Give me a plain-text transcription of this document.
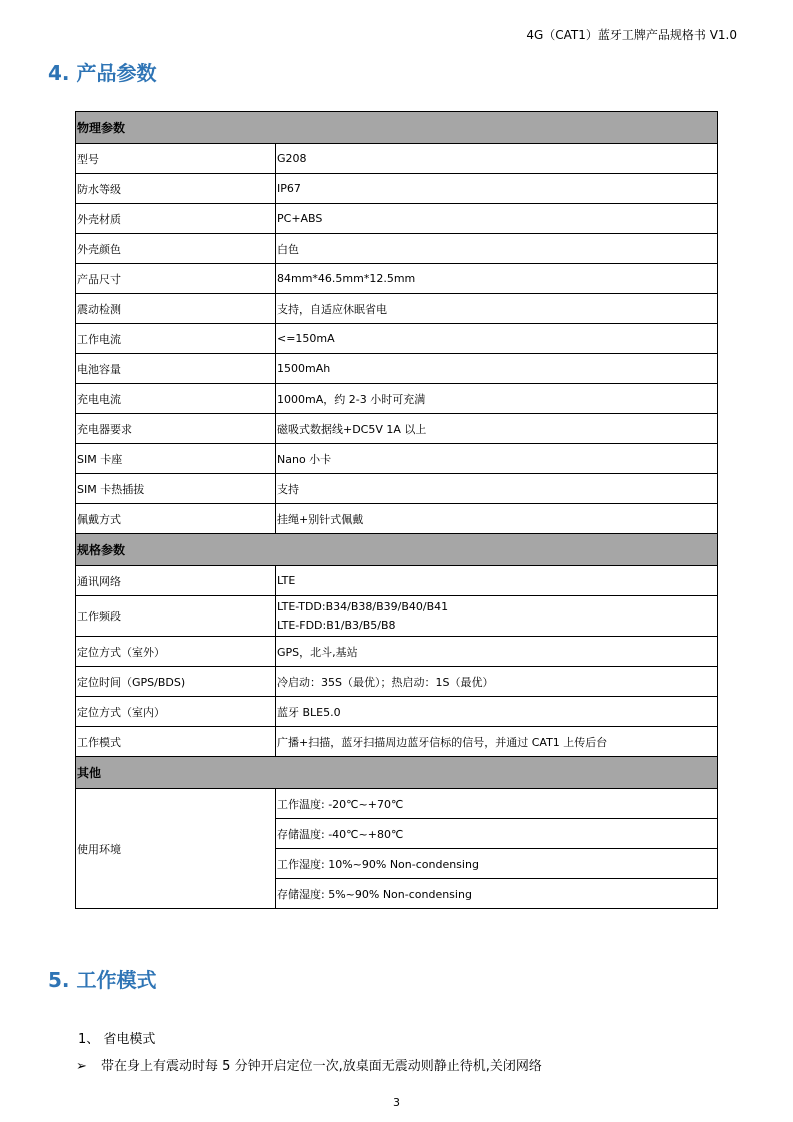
4G（CAT1）蓝牙工牌产品规格书 V1.0
4. 产品参数
物理参数	
型号	G208
防水等级	IP67
外壳材质	PC+ABS
外壳颜色	白色
产品尺寸	84mm*46.5mm*12.5mm
震动检测	支持，自适应休眠省电
工作电流	<=150mA
电池容量	1500mAh
充电电流	1000mA，约 2-3 小时可充满
充电器要求	磁吸式数据线+DC5V 1A 以上
SIM 卡座	Nano 小卡
SIM 卡热插拔	支持
佩戴方式	挂绳+别针式佩戴
规格参数	
通讯网络	LTE
工作频段	LTE-TDD:B34/B38/B39/B40/B41
LTE-FDD:B1/B3/B5/B8

定位方式（室外）	GPS，北斗,基站
定位时间（GPS/BDS)	冷启动：35S（最优）；热启动：1S（最优）
定位方式（室内）	蓝牙 BLE5.0
工作模式	广播+扫描，蓝牙扫描周边蓝牙信标的信号，并通过 CAT1 上传后台
其他	
使用环境	工作温度: -20℃~+70℃
	存储温度: -40℃~+80℃
	工作湿度: 10%~90% Non-condensing
	存储湿度: 5%~90% Non-condensing
5. 工作模式
1、 省电模式
➢ 带在身上有震动时每 5 分钟开启定位一次,放桌面无震动则静止待机,关闭网络
3
